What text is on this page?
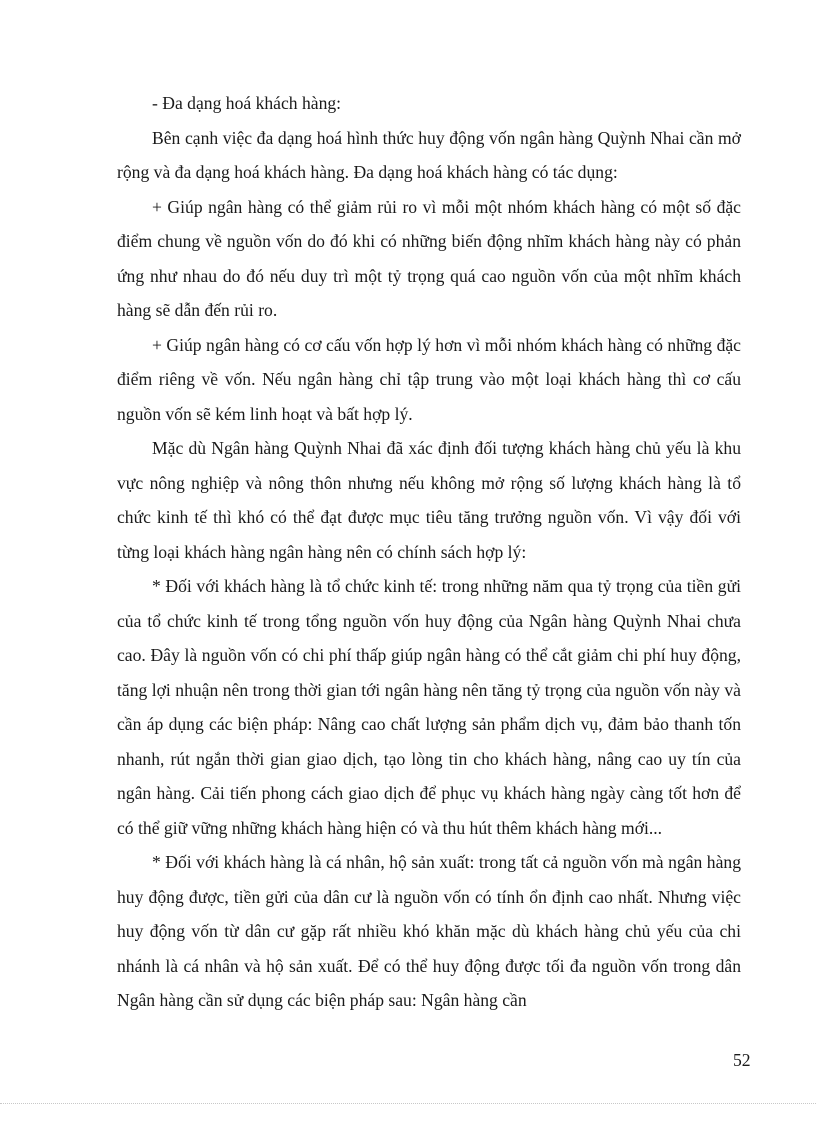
- Đa dạng hoá khách hàng:

Bên cạnh việc đa dạng hoá hình thức huy động vốn ngân hàng Quỳnh Nhai cần mở rộng và đa dạng hoá khách hàng. Đa dạng hoá khách hàng có tác dụng:

+ Giúp ngân hàng có thể giảm rủi ro vì mỗi một nhóm khách hàng có một số đặc điểm chung về nguồn vốn do đó khi có những biến động nhĩm khách hàng này có phản ứng như nhau do đó nếu duy trì một tỷ trọng quá cao nguồn vốn của một nhĩm khách hàng sẽ dẫn đến rủi ro.

+ Giúp ngân hàng có cơ cấu vốn hợp lý hơn vì mỗi nhóm khách hàng có những đặc điểm riêng về vốn. Nếu ngân hàng chỉ tập trung vào một loại khách hàng thì cơ cấu nguồn vốn sẽ kém linh hoạt và bất hợp lý.

Mặc dù Ngân hàng Quỳnh Nhai đã xác định đối tượng khách hàng chủ yếu là khu vực nông nghiệp và nông thôn nhưng nếu không mở rộng số lượng khách hàng là tổ chức kinh tế thì khó có thể đạt được mục tiêu tăng trưởng nguồn vốn. Vì vậy đối với từng loại khách hàng ngân hàng nên có chính sách hợp lý:

* Đối với khách hàng là tổ chức kinh tế: trong những năm qua tỷ trọng của tiền gửi của tổ chức kinh tế trong tổng nguồn vốn huy động của Ngân hàng Quỳnh Nhai chưa cao. Đây là nguồn vốn có chi phí thấp giúp ngân hàng có thể cắt giảm chi phí huy động, tăng lợi nhuận nên trong thời gian tới ngân hàng nên tăng tỷ trọng của nguồn vốn này và cần áp dụng các biện pháp: Nâng cao chất lượng sản phẩm dịch vụ, đảm bảo thanh tốn nhanh, rút ngắn thời gian giao dịch, tạo lòng tin cho khách hàng, nâng cao uy tín của ngân hàng. Cải tiến phong cách giao dịch để phục vụ khách hàng ngày càng tốt hơn để có thể giữ vững những khách hàng hiện có và thu hút thêm khách hàng mới...

* Đối với khách hàng là cá nhân, hộ sản xuất: trong tất cả nguồn vốn mà ngân hàng huy động được, tiền gửi của dân cư là nguồn vốn có tính ổn định cao nhất. Nhưng việc huy động vốn từ dân cư gặp rất nhiều khó khăn mặc dù khách hàng chủ yếu của chi nhánh là cá nhân và hộ sản xuất. Để có thể huy động được tối đa nguồn vốn trong dân Ngân hàng cần sử dụng các biện pháp sau: Ngân hàng cần

52
